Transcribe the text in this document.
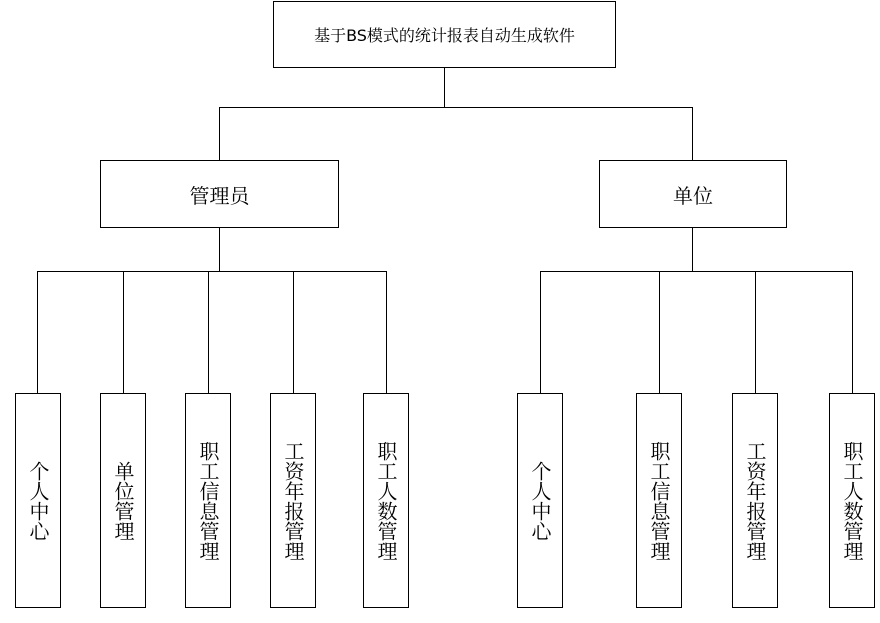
基于BS模式的统计报表自动生成软件
管理员	单位
个人中心	单位管理	职工信息管理	工资年报管理	职工人数管理	个人中心	职工信息管理	工资年报管理	职工人数管理
